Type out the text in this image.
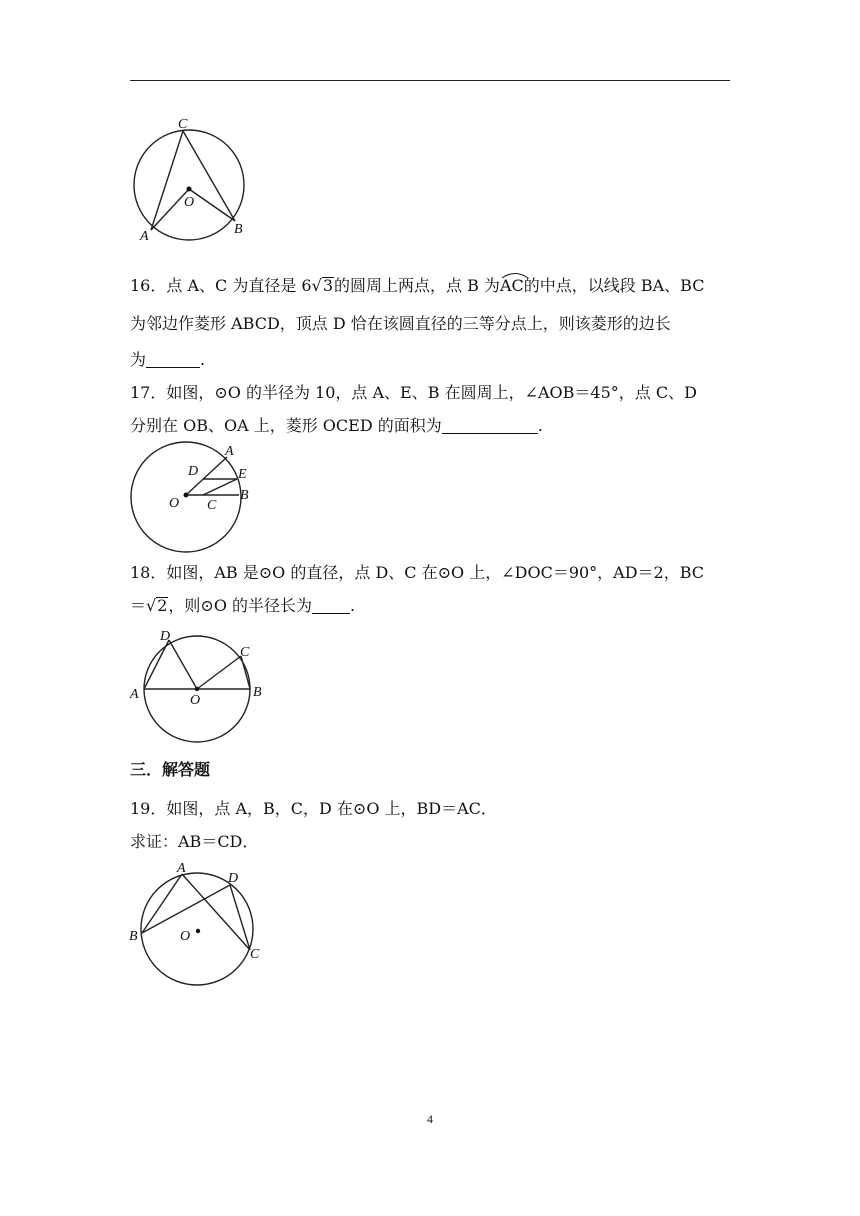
C
O
A	B
16．点 A、C 为直径是 6√3的圆周上两点，点 B 为
AC的中点，以线段 BA、BC
为邻边作菱形 ABCD，顶点 D 恰在该圆直径的三等分点上，则该菱形的边长
为	.
17．如图，⊙O 的半径为 10，点 A、E、B 在圆周上，∠AOB＝45°，点 C、D
分别在 OB、OA 上，菱形 OCED 的面积为	.
A
D	E
O C
B
18．如图，AB 是⊙O 的直径，点 D、C 在⊙O 上，∠DOC＝90°，AD＝2，BC
＝√2，则⊙O 的半径长为 .
D
C
A	O
B
三．解答题
19．如图，点 A，B，C，D 在⊙O 上，BD＝AC．
求证：AB＝CD．
A
D
B	O
C
4
